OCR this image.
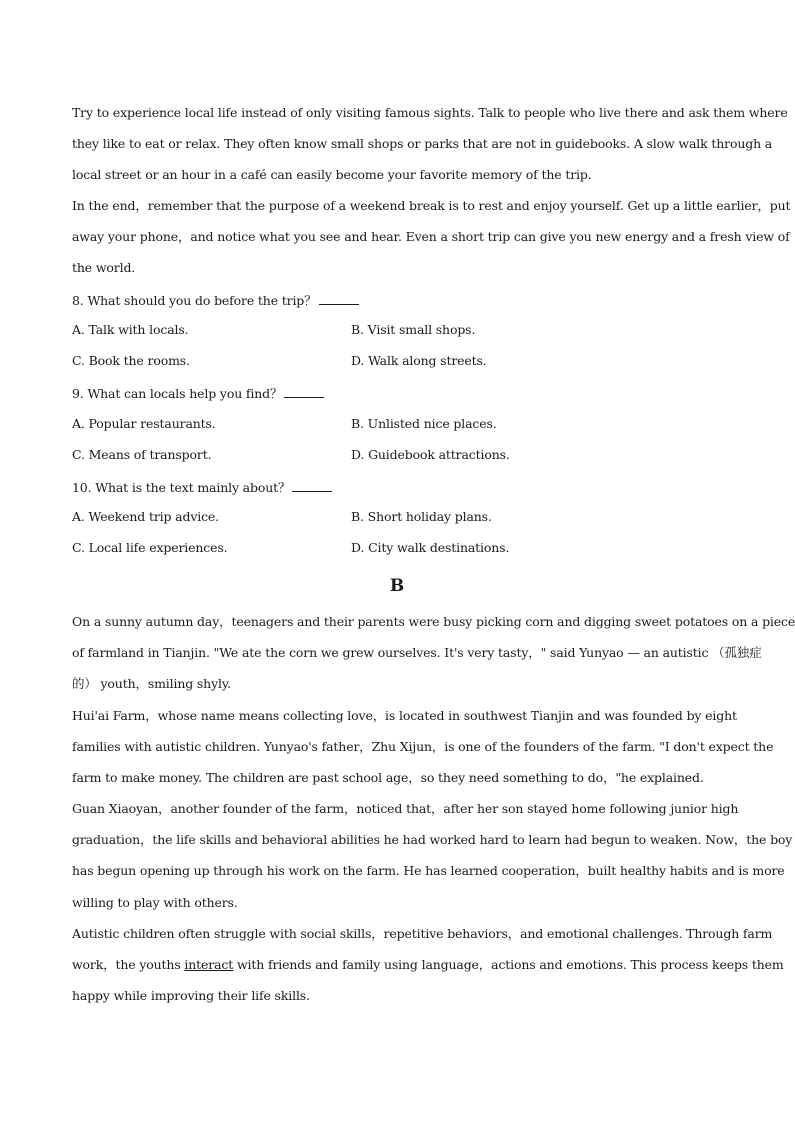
Try to experience local life instead of only visiting famous sights. Talk to people who live there and ask them where
they like to eat or relax. They often know small shops or parks that are not in guidebooks. A slow walk through a
local street or an hour in a café can easily become your favorite memory of the trip.

In the end，remember that the purpose of a weekend break is to rest and enjoy yourself. Get up a little earlier，put
away your phone，and notice what you see and hear. Even a short trip can give you new energy and a fresh view of
the world.

8. What should you do before the trip？
A. Talk with locals.	B. Visit small shops.
C. Book the rooms.	D. Walk along streets.
9. What can locals help you find？
A. Popular restaurants.	B. Unlisted nice places.
C. Means of transport.	D. Guidebook attractions.
10. What is the text mainly about？
A. Weekend trip advice.	B. Short holiday plans.
C. Local life experiences.	D. City walk destinations.
B

On a sunny autumn day，teenagers and their parents were busy picking corn and digging sweet potatoes on a piece
of farmland in Tianjin. "We ate the corn we grew ourselves. It's very tasty，" said Yunyao — an autistic （孤独症
的） youth，smiling shyly.

Hui'ai Farm，whose name means collecting love，is located in southwest Tianjin and was founded by eight
families with autistic children. Yunyao's father，Zhu Xijun，is one of the founders of the farm. "I don't expect the
farm to make money. The children are past school age，so they need something to do，"he explained.

Guan Xiaoyan，another founder of the farm，noticed that，after her son stayed home following junior high
graduation，the life skills and behavioral abilities he had worked hard to learn had begun to weaken. Now，the boy
has begun opening up through his work on the farm. He has learned cooperation，built healthy habits and is more
willing to play with others.

Autistic children often struggle with social skills，repetitive behaviors，and emotional challenges. Through farm
work，the youths interact with friends and family using language，actions and emotions. This process keeps them
happy while improving their life skills.
